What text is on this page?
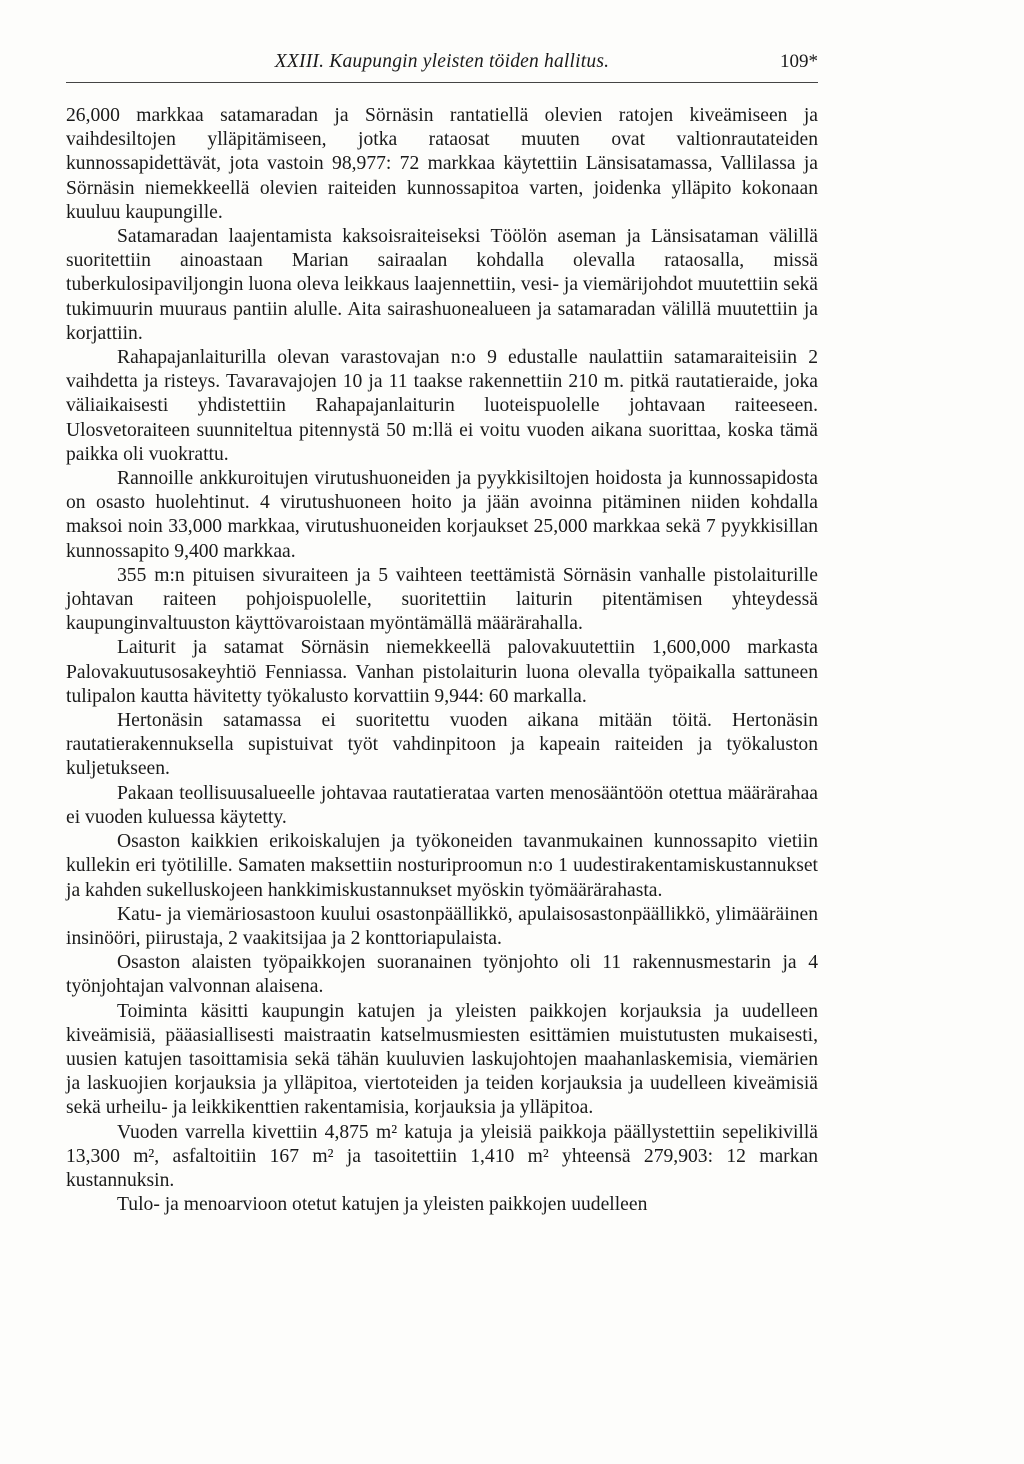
XXIII. Kaupungin yleisten töiden hallitus.	109*

26,000 markkaa satamaradan ja Sörnäsin rantatiellä olevien ratojen kiveämiseen ja vaihdesiltojen ylläpitämiseen, jotka rataosat muuten ovat valtionrautateiden kunnossapidettävät, jota vastoin 98,977: 72 markkaa käytettiin Länsisatamassa, Vallilassa ja Sörnäsin niemekkeellä olevien raiteiden kunnossapitoa varten, joidenka ylläpito kokonaan kuuluu kaupungille.

Satamaradan laajentamista kaksoisraiteiseksi Töölön aseman ja Länsisataman välillä suoritettiin ainoastaan Marian sairaalan kohdalla olevalla rataosalla, missä tuberkulosipaviljongin luona oleva leikkaus laajennettiin, vesi- ja viemärijohdot muutettiin sekä tukimuurin muuraus pantiin alulle. Aita sairashuonealueen ja satamaradan välillä muutettiin ja korjattiin.

Rahapajanlaiturilla olevan varastovajan n:o 9 edustalle naulattiin satamaraiteisiin 2 vaihdetta ja risteys. Tavaravajojen 10 ja 11 taakse rakennettiin 210 m. pitkä rautatieraide, joka väliaikaisesti yhdistettiin Rahapajanlaiturin luoteispuolelle johtavaan raiteeseen. Ulosvetoraiteen suunniteltua pitennystä 50 m:llä ei voitu vuoden aikana suorittaa, koska tämä paikka oli vuokrattu.

Rannoille ankkuroitujen virutushuoneiden ja pyykkisiltojen hoidosta ja kunnossapidosta on osasto huolehtinut. 4 virutushuoneen hoito ja jään avoinna pitäminen niiden kohdalla maksoi noin 33,000 markkaa, virutushuoneiden korjaukset 25,000 markkaa sekä 7 pyykkisillan kunnossapito 9,400 markkaa.

355 m:n pituisen sivuraiteen ja 5 vaihteen teettämistä Sörnäsin vanhalle pistolaiturille johtavan raiteen pohjoispuolelle, suoritettiin laiturin pitentämisen yhteydessä kaupunginvaltuuston käyttövaroistaan myöntämällä määrärahalla.

Laiturit ja satamat Sörnäsin niemekkeellä palovakuutettiin 1,600,000 markasta Palovakuutusosakeyhtiö Fenniassa. Vanhan pistolaiturin luona olevalla työpaikalla sattuneen tulipalon kautta hävitetty työkalusto korvattiin 9,944: 60 markalla.

Hertonäsin satamassa ei suoritettu vuoden aikana mitään töitä. Hertonäsin rautatierakennuksella supistuivat työt vahdinpitoon ja kapeain raiteiden ja työkaluston kuljetukseen.

Pakaan teollisuusalueelle johtavaa rautatierataa varten menosääntöön otettua määrärahaa ei vuoden kuluessa käytetty.

Osaston kaikkien erikoiskalujen ja työkoneiden tavanmukainen kunnossapito vietiin kullekin eri työtilille. Samaten maksettiin nosturiproomun n:o 1 uudestirakentamiskustannukset ja kahden sukelluskojeen hankkimiskustannukset myöskin työmäärärahasta.

Katu- ja viemäriosastoon kuului osastonpäällikkö, apulaisosastonpäällikkö, ylimääräinen insinööri, piirustaja, 2 vaakitsijaa ja 2 konttoriapulaista.

Osaston alaisten työpaikkojen suoranainen työnjohto oli 11 rakennusmestarin ja 4 työnjohtajan valvonnan alaisena.

Toiminta käsitti kaupungin katujen ja yleisten paikkojen korjauksia ja uudelleen kiveämisiä, pääasiallisesti maistraatin katselmusmiesten esittämien muistutusten mukaisesti, uusien katujen tasoittamisia sekä tähän kuuluvien laskujohtojen maahanlaskemisia, viemärien ja laskuojien korjauksia ja ylläpitoa, viertoteiden ja teiden korjauksia ja uudelleen kiveämisiä sekä urheilu- ja leikkikenttien rakentamisia, korjauksia ja ylläpitoa.

Vuoden varrella kivettiin 4,875 m² katuja ja yleisiä paikkoja päällystettiin sepelikivillä 13,300 m², asfaltoitiin 167 m² ja tasoitettiin 1,410 m² yhteensä 279,903: 12 markan kustannuksin.

Tulo- ja menoarvioon otetut katujen ja yleisten paikkojen uudelleen
